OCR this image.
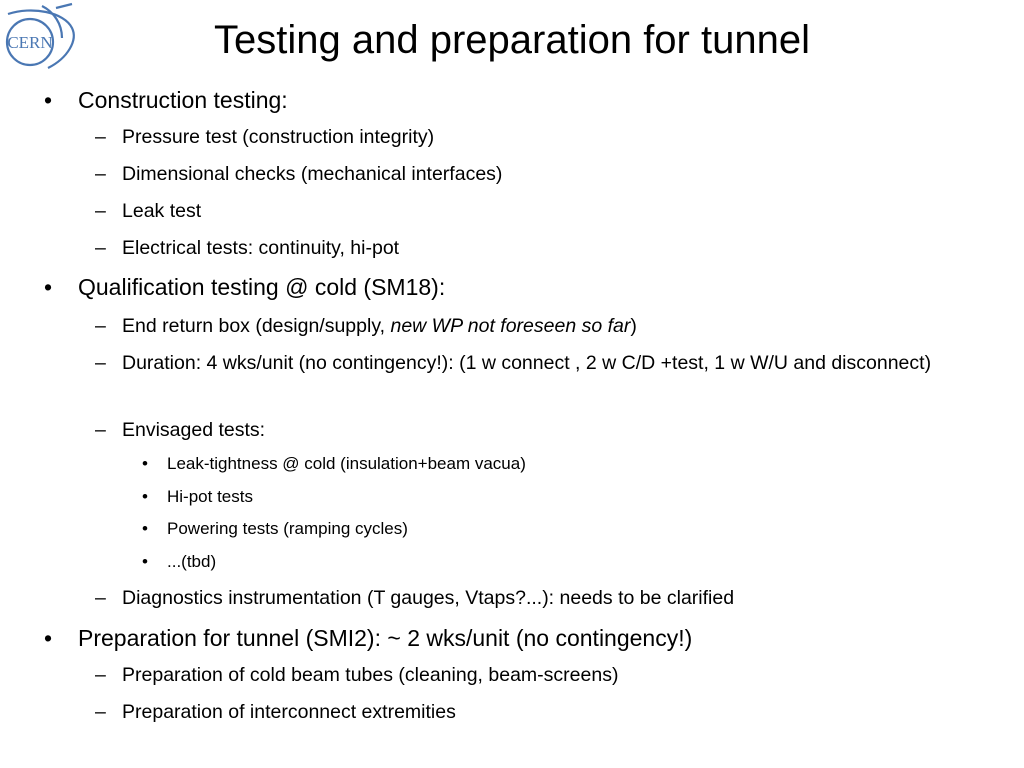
CERN	Testing and preparation for tunnel
• Construction testing:
– Pressure test (construction integrity)
– Dimensional checks (mechanical interfaces)
– Leak test
– Electrical tests: continuity, hi-pot
• Qualification testing @ cold (SM18):
– End return box (design/supply, new WP not foreseen so far)
– Duration: 4 wks/unit (no contingency!): (1 w connect , 2 w C/D +test, 1 w W/U and disconnect)
– Envisaged tests:
• Leak-tightness @ cold (insulation+beam vacua)
• Hi-pot tests
• Powering tests (ramping cycles)
• ...(tbd)
– Diagnostics instrumentation (T gauges, Vtaps?...): needs to be clarified
• Preparation for tunnel (SMI2): ~ 2 wks/unit (no contingency!)
– Preparation of cold beam tubes (cleaning, beam-screens)
– Preparation of interconnect extremities
